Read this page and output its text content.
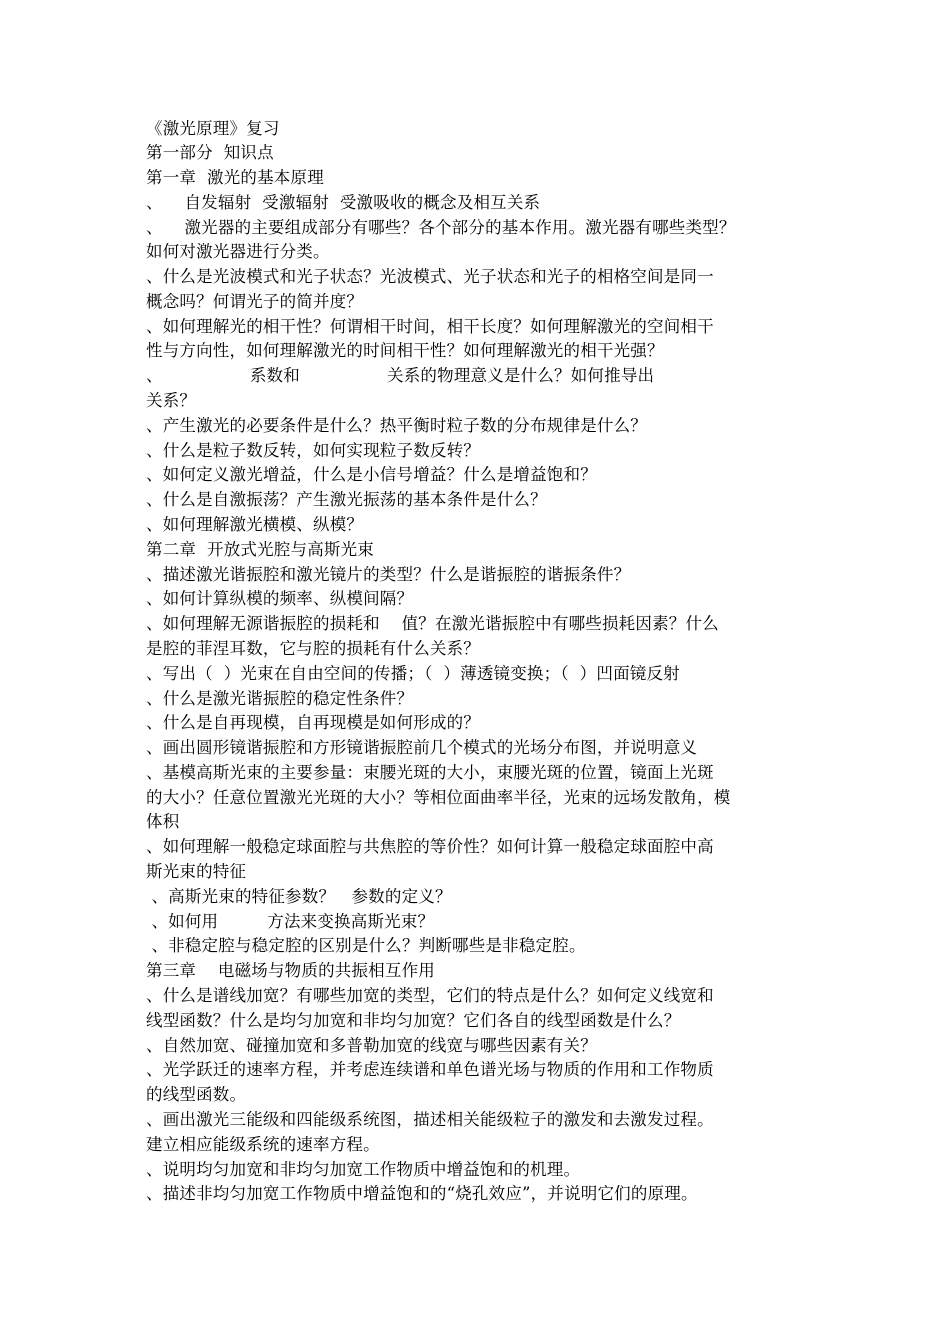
《激光原理》复习
第一部分  知识点
第一章  激光的基本原理
、    自发辐射  受激辐射  受激吸收的概念及相互关系
、    激光器的主要组成部分有哪些？各个部分的基本作用。激光器有哪些类型？
如何对激光器进行分类。
、什么是光波模式和光子状态？光波模式、光子状态和光子的相格空间是同一
概念吗？何谓光子的简并度？
、如何理解光的相干性？何谓相干时间，相干长度？如何理解激光的空间相干
性与方向性，如何理解激光的时间相干性？如何理解激光的相干光强？
、                系数和                关系的物理意义是什么？如何推导出
关系？
、产生激光的必要条件是什么？热平衡时粒子数的分布规律是什么？
、什么是粒子数反转，如何实现粒子数反转？
、如何定义激光增益，什么是小信号增益？什么是增益饱和？
、什么是自激振荡？产生激光振荡的基本条件是什么？
、如何理解激光横模、纵模？
第二章  开放式光腔与高斯光束
、描述激光谐振腔和激光镜片的类型？什么是谐振腔的谐振条件？
、如何计算纵模的频率、纵模间隔？
、如何理解无源谐振腔的损耗和    值？在激光谐振腔中有哪些损耗因素？什么
是腔的菲涅耳数，它与腔的损耗有什么关系？
、写出（  ）光束在自由空间的传播；（  ）薄透镜变换；（  ）凹面镜反射
、什么是激光谐振腔的稳定性条件？
、什么是自再现模，自再现模是如何形成的？
、画出圆形镜谐振腔和方形镜谐振腔前几个模式的光场分布图，并说明意义
、基模高斯光束的主要参量：束腰光斑的大小，束腰光斑的位置，镜面上光斑
的大小？任意位置激光光斑的大小？等相位面曲率半径，光束的远场发散角，模
体积
、如何理解一般稳定球面腔与共焦腔的等价性？如何计算一般稳定球面腔中高
斯光束的特征
、高斯光束的特征参数？   参数的定义？
、如何用         方法来变换高斯光束？
、非稳定腔与稳定腔的区别是什么？判断哪些是非稳定腔。
第三章    电磁场与物质的共振相互作用
、什么是谱线加宽？有哪些加宽的类型，它们的特点是什么？如何定义线宽和
线型函数？什么是均匀加宽和非均匀加宽？它们各自的线型函数是什么？
、自然加宽、碰撞加宽和多普勒加宽的线宽与哪些因素有关？
、光学跃迁的速率方程，并考虑连续谱和单色谱光场与物质的作用和工作物质
的线型函数。
、画出激光三能级和四能级系统图，描述相关能级粒子的激发和去激发过程。
建立相应能级系统的速率方程。
、说明均匀加宽和非均匀加宽工作物质中增益饱和的机理。
、描述非均匀加宽工作物质中增益饱和的“烧孔效应”，并说明它们的原理。
